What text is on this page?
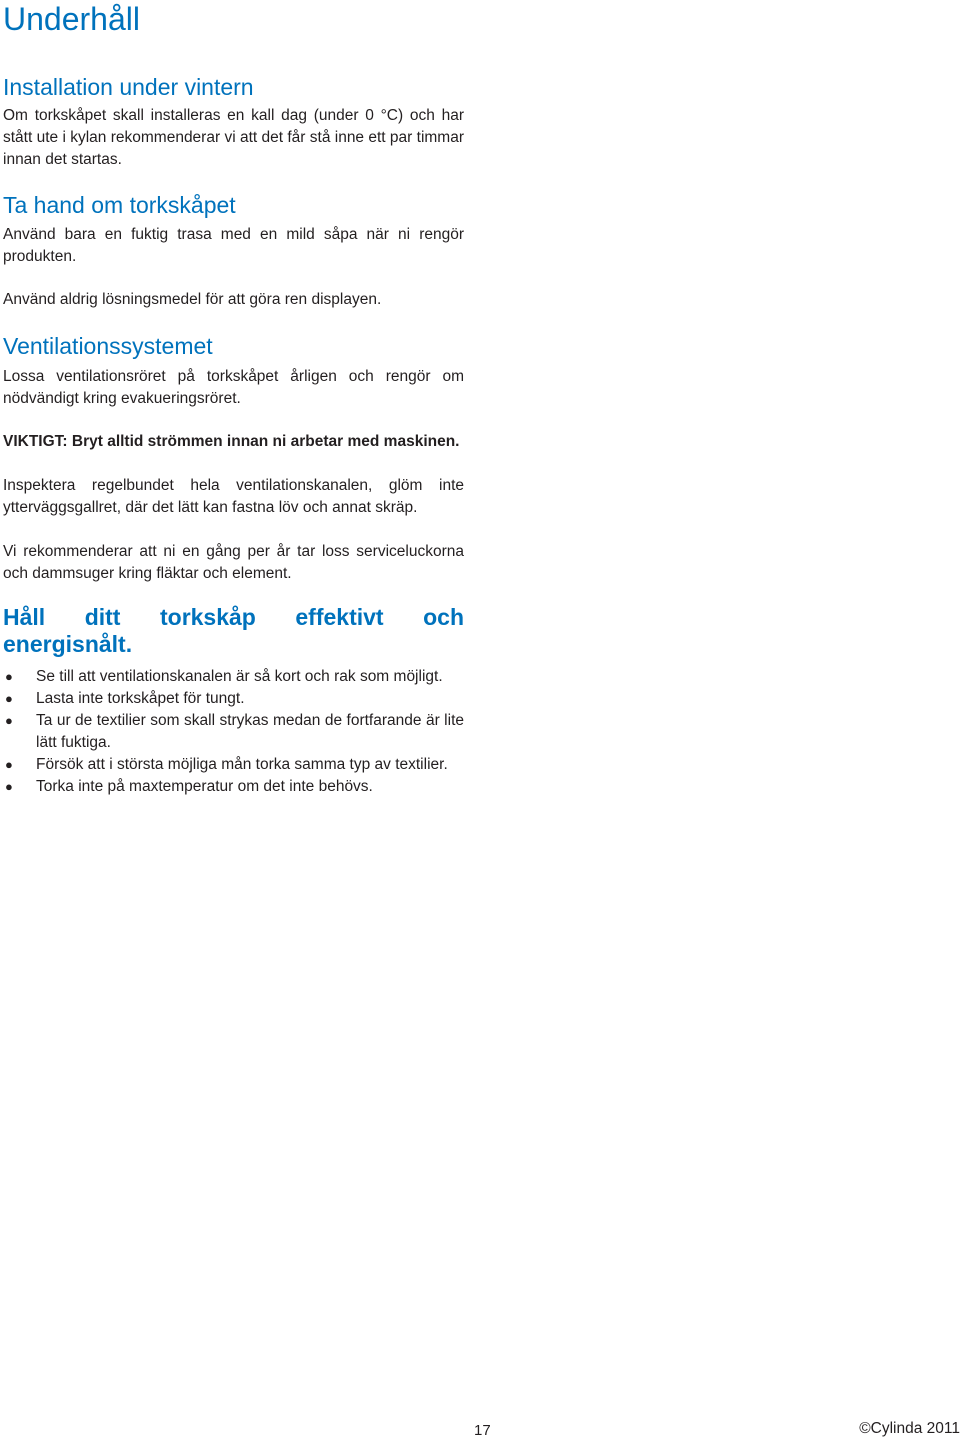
Underhåll
Installation under vintern

Om torkskåpet skall installeras en kall dag (under 0 °C) och har stått ute i kylan rekommenderar vi att det får stå inne ett par timmar innan det startas.

Ta hand om torkskåpet

Använd bara en fuktig trasa med en mild såpa när ni rengör produkten.

Använd aldrig lösningsmedel för att göra ren displayen.

Ventilationssystemet

Lossa ventilationsröret på torkskåpet årligen och rengör om nödvändigt kring evakueringsröret.

VIKTIGT: Bryt alltid strömmen innan ni arbetar med maskinen.

Inspektera regelbundet hela ventilationskanalen, glöm inte ytterväggsgallret, där det lätt kan fastna löv och annat skräp.

Vi rekommenderar att ni en gång per år tar loss serviceluckorna och dammsuger kring fläktar och element.

Håll ditt torkskåp effektivt och energisnålt.
● Se till att ventilationskanalen är så kort och rak som möjligt.
● Lasta inte torkskåpet för tungt.
● Ta ur de textilier som skall strykas medan de fortfarande är lite lätt fuktiga.
● Försök att i största möjliga mån torka samma typ av textilier.
● Torka inte på maxtemperatur om det inte behövs.
17	©Cylinda 2011
